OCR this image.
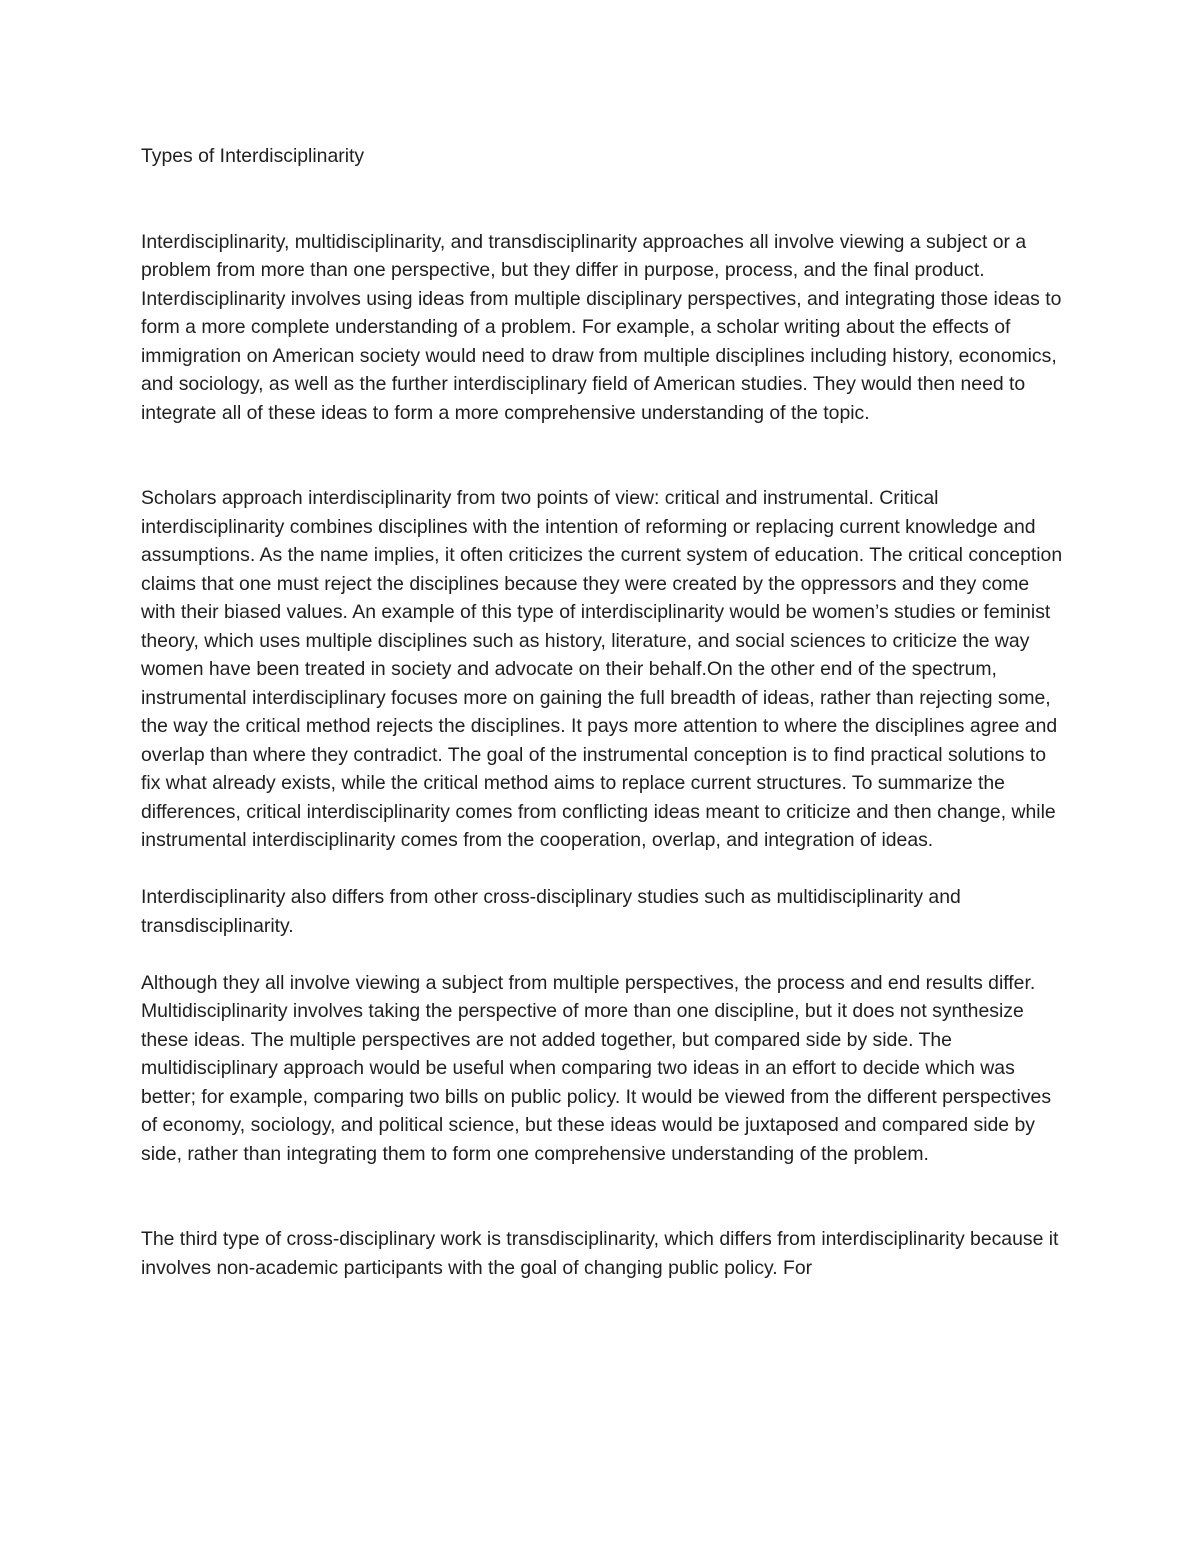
Types of Interdisciplinarity

Interdisciplinarity, multidisciplinarity, and transdisciplinarity approaches all involve viewing a subject or a problem from more than one perspective, but they differ in purpose, process, and the final product. Interdisciplinarity involves using ideas from multiple disciplinary perspectives, and integrating those ideas to form a more complete understanding of a problem. For example, a scholar writing about the effects of immigration on American society would need to draw from multiple disciplines including history, economics, and sociology, as well as the further interdisciplinary field of American studies. They would then need to integrate all of these ideas to form a more comprehensive understanding of the topic.

Scholars approach interdisciplinarity from two points of view: critical and instrumental. Critical interdisciplinarity combines disciplines with the intention of reforming or replacing current knowledge and assumptions. As the name implies, it often criticizes the current system of education. The critical conception claims that one must reject the disciplines because they were created by the oppressors and they come with their biased values. An example of this type of interdisciplinarity would be women’s studies or feminist theory, which uses multiple disciplines such as history, literature, and social sciences to criticize the way women have been treated in society and advocate on their behalf.On the other end of the spectrum, instrumental interdisciplinary focuses more on gaining the full breadth of ideas, rather than rejecting some, the way the critical method rejects the disciplines. It pays more attention to where the disciplines agree and overlap than where they contradict. The goal of the instrumental conception is to find practical solutions to fix what already exists, while the critical method aims to replace current structures. To summarize the differences, critical interdisciplinarity comes from conflicting ideas meant to criticize and then change, while instrumental interdisciplinarity comes from the cooperation, overlap, and integration of ideas.

Interdisciplinarity also differs from other cross-disciplinary studies such as multidisciplinarity and transdisciplinarity.

Although they all involve viewing a subject from multiple perspectives, the process and end results differ. Multidisciplinarity involves taking the perspective of more than one discipline, but it does not synthesize these ideas. The multiple perspectives are not added together, but compared side by side. The multidisciplinary approach would be useful when comparing two ideas in an effort to decide which was better; for example, comparing two bills on public policy. It would be viewed from the different perspectives of economy, sociology, and political science, but these ideas would be juxtaposed and compared side by side, rather than integrating them to form one comprehensive understanding of the problem.

The third type of cross-disciplinary work is transdisciplinarity, which differs from interdisciplinarity because it involves non-academic participants with the goal of changing public policy. For
